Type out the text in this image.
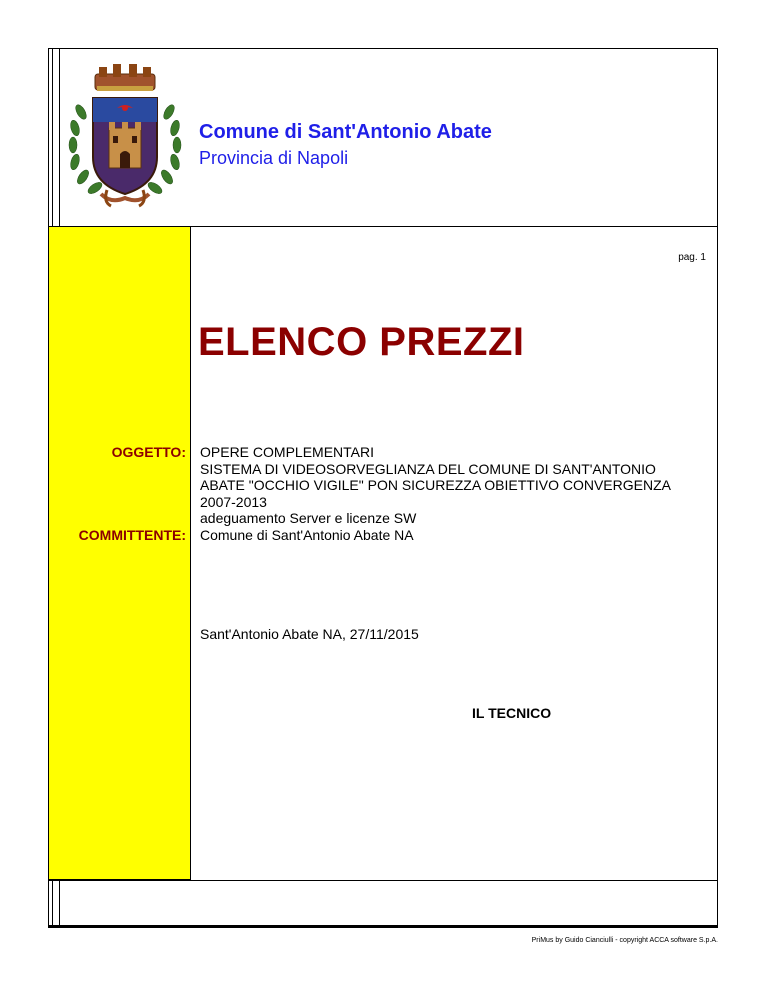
Comune di Sant'Antonio Abate
Provincia di Napoli
pag. 1
ELENCO PREZZI
OGGETTO: OPERE COMPLEMENTARI
SISTEMA DI VIDEOSORVEGLIANZA DEL COMUNE DI SANT'ANTONIO
ABATE "OCCHIO VIGILE" PON SICUREZZA OBIETTIVO CONVERGENZA
2007-2013
adeguamento Server e licenze SW
COMMITTENTE: Comune di Sant'Antonio Abate NA
Sant'Antonio Abate NA, 27/11/2015
IL TECNICO
PriMus by Guido Cianciulli - copyright ACCA software S.p.A.
